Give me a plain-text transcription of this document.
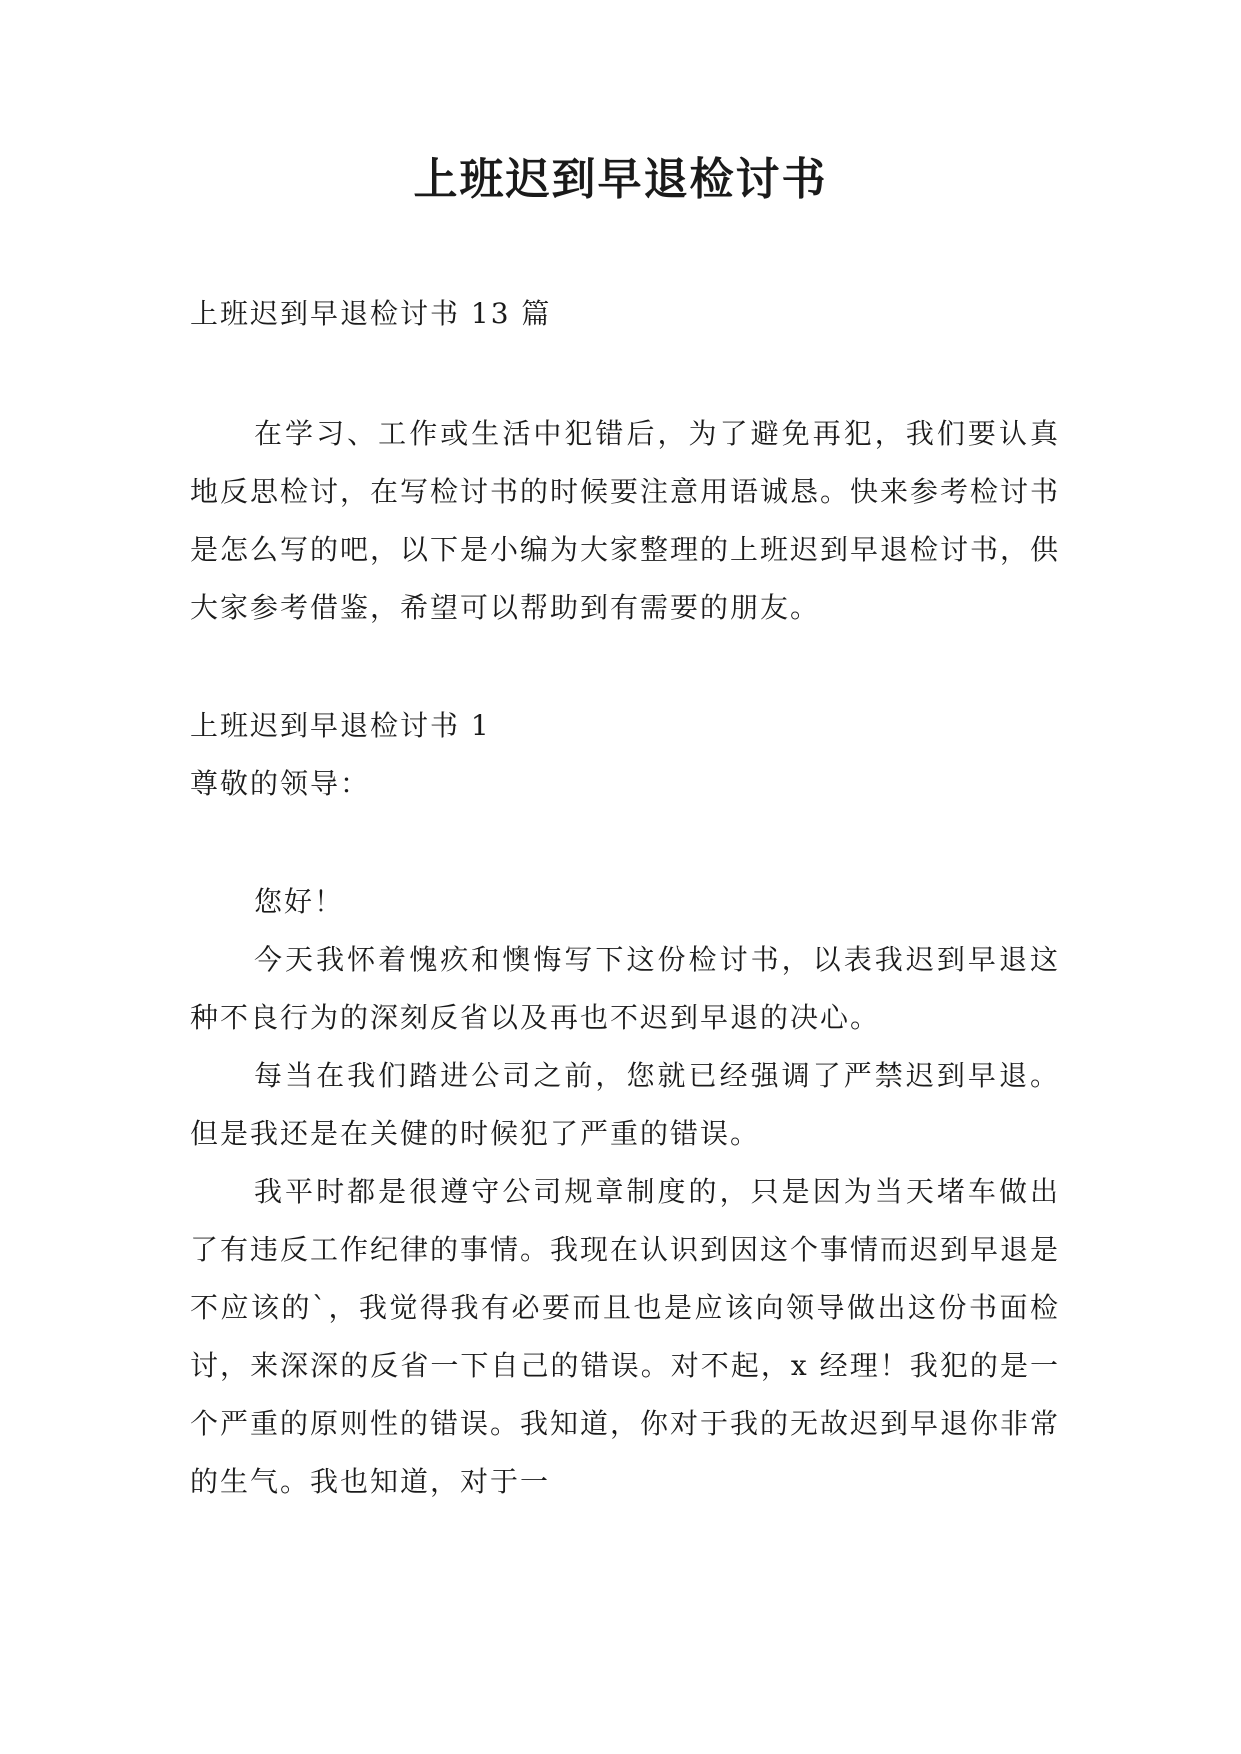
上班迟到早退检讨书

上班迟到早退检讨书 13 篇

在学习、工作或生活中犯错后，为了避免再犯，我们要认真地反思检讨，在写检讨书的时候要注意用语诚恳。快来参考检讨书是怎么写的吧，以下是小编为大家整理的上班迟到早退检讨书，供大家参考借鉴，希望可以帮助到有需要的朋友。

上班迟到早退检讨书 1

尊敬的领导：

您好！

今天我怀着愧疚和懊悔写下这份检讨书，以表我迟到早退这种不良行为的深刻反省以及再也不迟到早退的决心。

每当在我们踏进公司之前，您就已经强调了严禁迟到早退。但是我还是在关健的时候犯了严重的错误。

我平时都是很遵守公司规章制度的，只是因为当天堵车做出了有违反工作纪律的事情。我现在认识到因这个事情而迟到早退是不应该的`，我觉得我有必要而且也是应该向领导做出这份书面检讨，来深深的反省一下自己的错误。对不起，x 经理！我犯的是一个严重的原则性的错误。我知道，你对于我的无故迟到早退你非常的生气。我也知道，对于一
